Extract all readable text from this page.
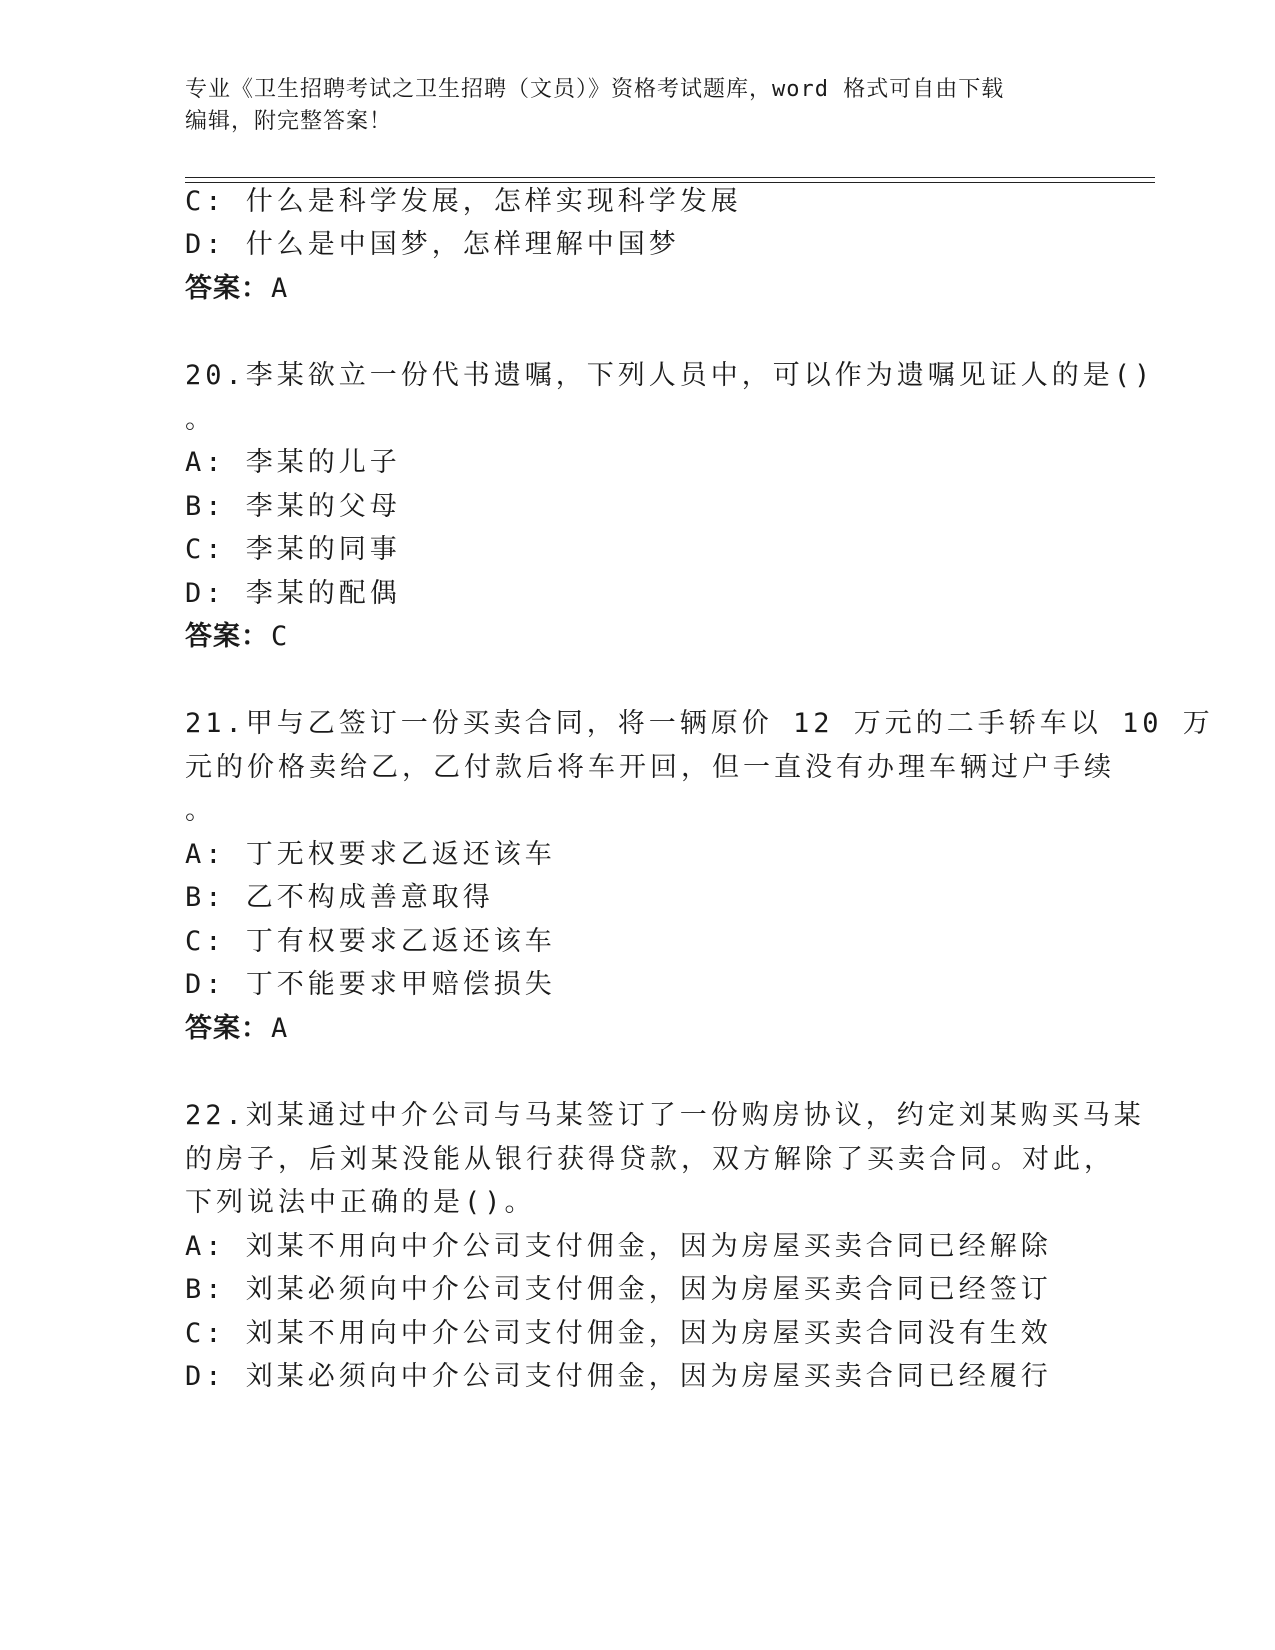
专业《卫生招聘考试之卫生招聘（文员）》资格考试题库，word 格式可自由下载
编辑，附完整答案！
C: 什么是科学发展，怎样实现科学发展
D: 什么是中国梦，怎样理解中国梦
答案：A
20.李某欲立一份代书遗嘱，下列人员中，可以作为遗嘱见证人的是()
。
A: 李某的儿子
B: 李某的父母
C: 李某的同事
D: 李某的配偶
答案：C
21.甲与乙签订一份买卖合同，将一辆原价 12 万元的二手轿车以 10 万
元的价格卖给乙，乙付款后将车开回，但一直没有办理车辆过户手续
。
A: 丁无权要求乙返还该车
B: 乙不构成善意取得
C: 丁有权要求乙返还该车
D: 丁不能要求甲赔偿损失
答案：A
22.刘某通过中介公司与马某签订了一份购房协议，约定刘某购买马某
的房子，后刘某没能从银行获得贷款，双方解除了买卖合同。对此，
下列说法中正确的是()。
A: 刘某不用向中介公司支付佣金，因为房屋买卖合同已经解除
B: 刘某必须向中介公司支付佣金，因为房屋买卖合同已经签订
C: 刘某不用向中介公司支付佣金，因为房屋买卖合同没有生效
D: 刘某必须向中介公司支付佣金，因为房屋买卖合同已经履行
